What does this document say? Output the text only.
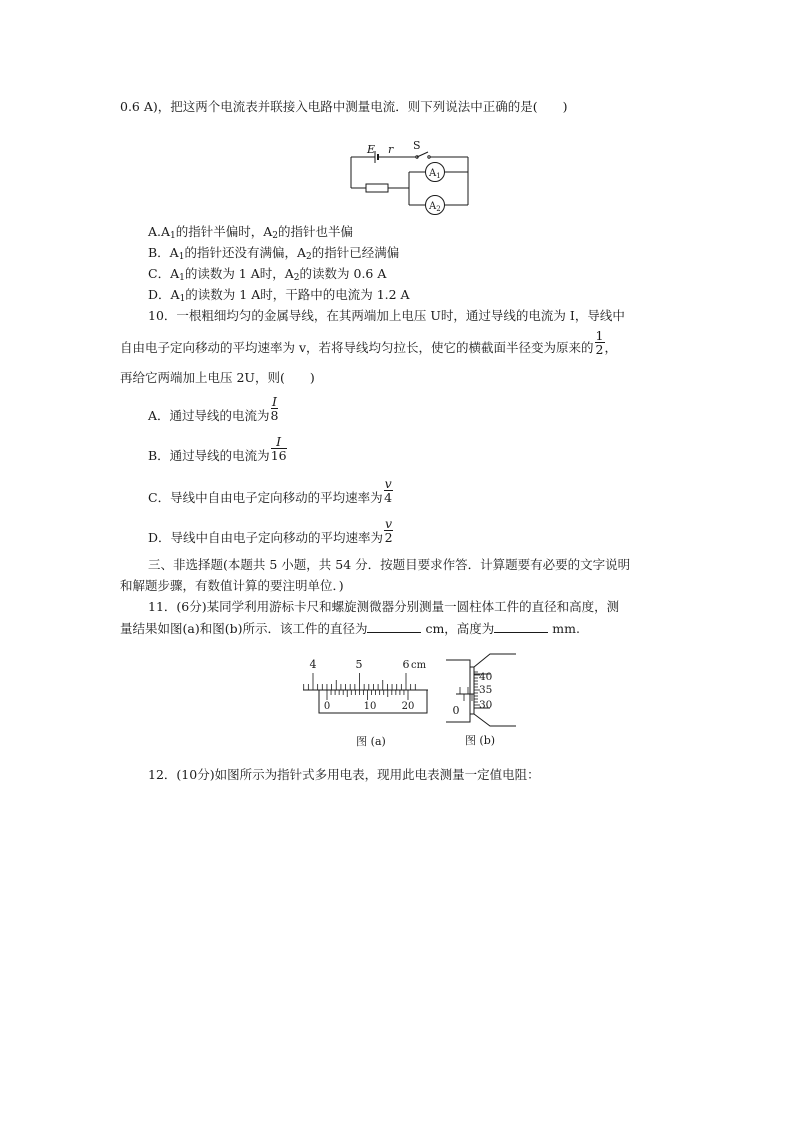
0.6 A)，把这两个电流表并联接入电路中测量电流．则下列说法中正确的是(　　)
E r S
$A_1$
$A_2$
$A.A_1$的指针半偏时，$A_2$的指针也半偏
B．$A_1$的指针还没有满偏，$A_2$的指针已经满偏
C．$A_1$的读数为 1 A时，$A_2$的读数为 0.6 A
D．$A_1$的读数为 1 A时，干路中的电流为 1.2 A
10．一根粗细均匀的金属导线，在其两端加上电压 U时，通过导线的电流为 I，导线中
自由电子定向移动的平均速率为 v，若将导线均匀拉长，使它的横截面半径变为原来的 $\frac{1}{2}$ ，
再给它两端加上电压 2U，则(　　)
A．通过导线的电流为 $\frac{I}{8}$
B．通过导线的电流为 $\frac{I}{16}$
C．导线中自由电子定向移动的平均速率为 $\frac{v}{4}$
D．导线中自由电子定向移动的平均速率为 $\frac{v}{2}$
三、非选择题(本题共 5 小题，共 54 分．按题目要求作答．计算题要有必要的文字说明
和解题步骤，有数值计算的要注明单位．)
11．(6分)某同学利用游标卡尺和螺旋测微器分别测量一圆柱体工件的直径和高度，测
量结果如图(a)和图(b)所示．该工件的直径为	cm，高度为	mm.
4	5	6 cm
0	10	20
图 (a)
0
40
35
30
图 (b)
12．(10分)如图所示为指针式多用电表，现用此电表测量一定值电阻：
